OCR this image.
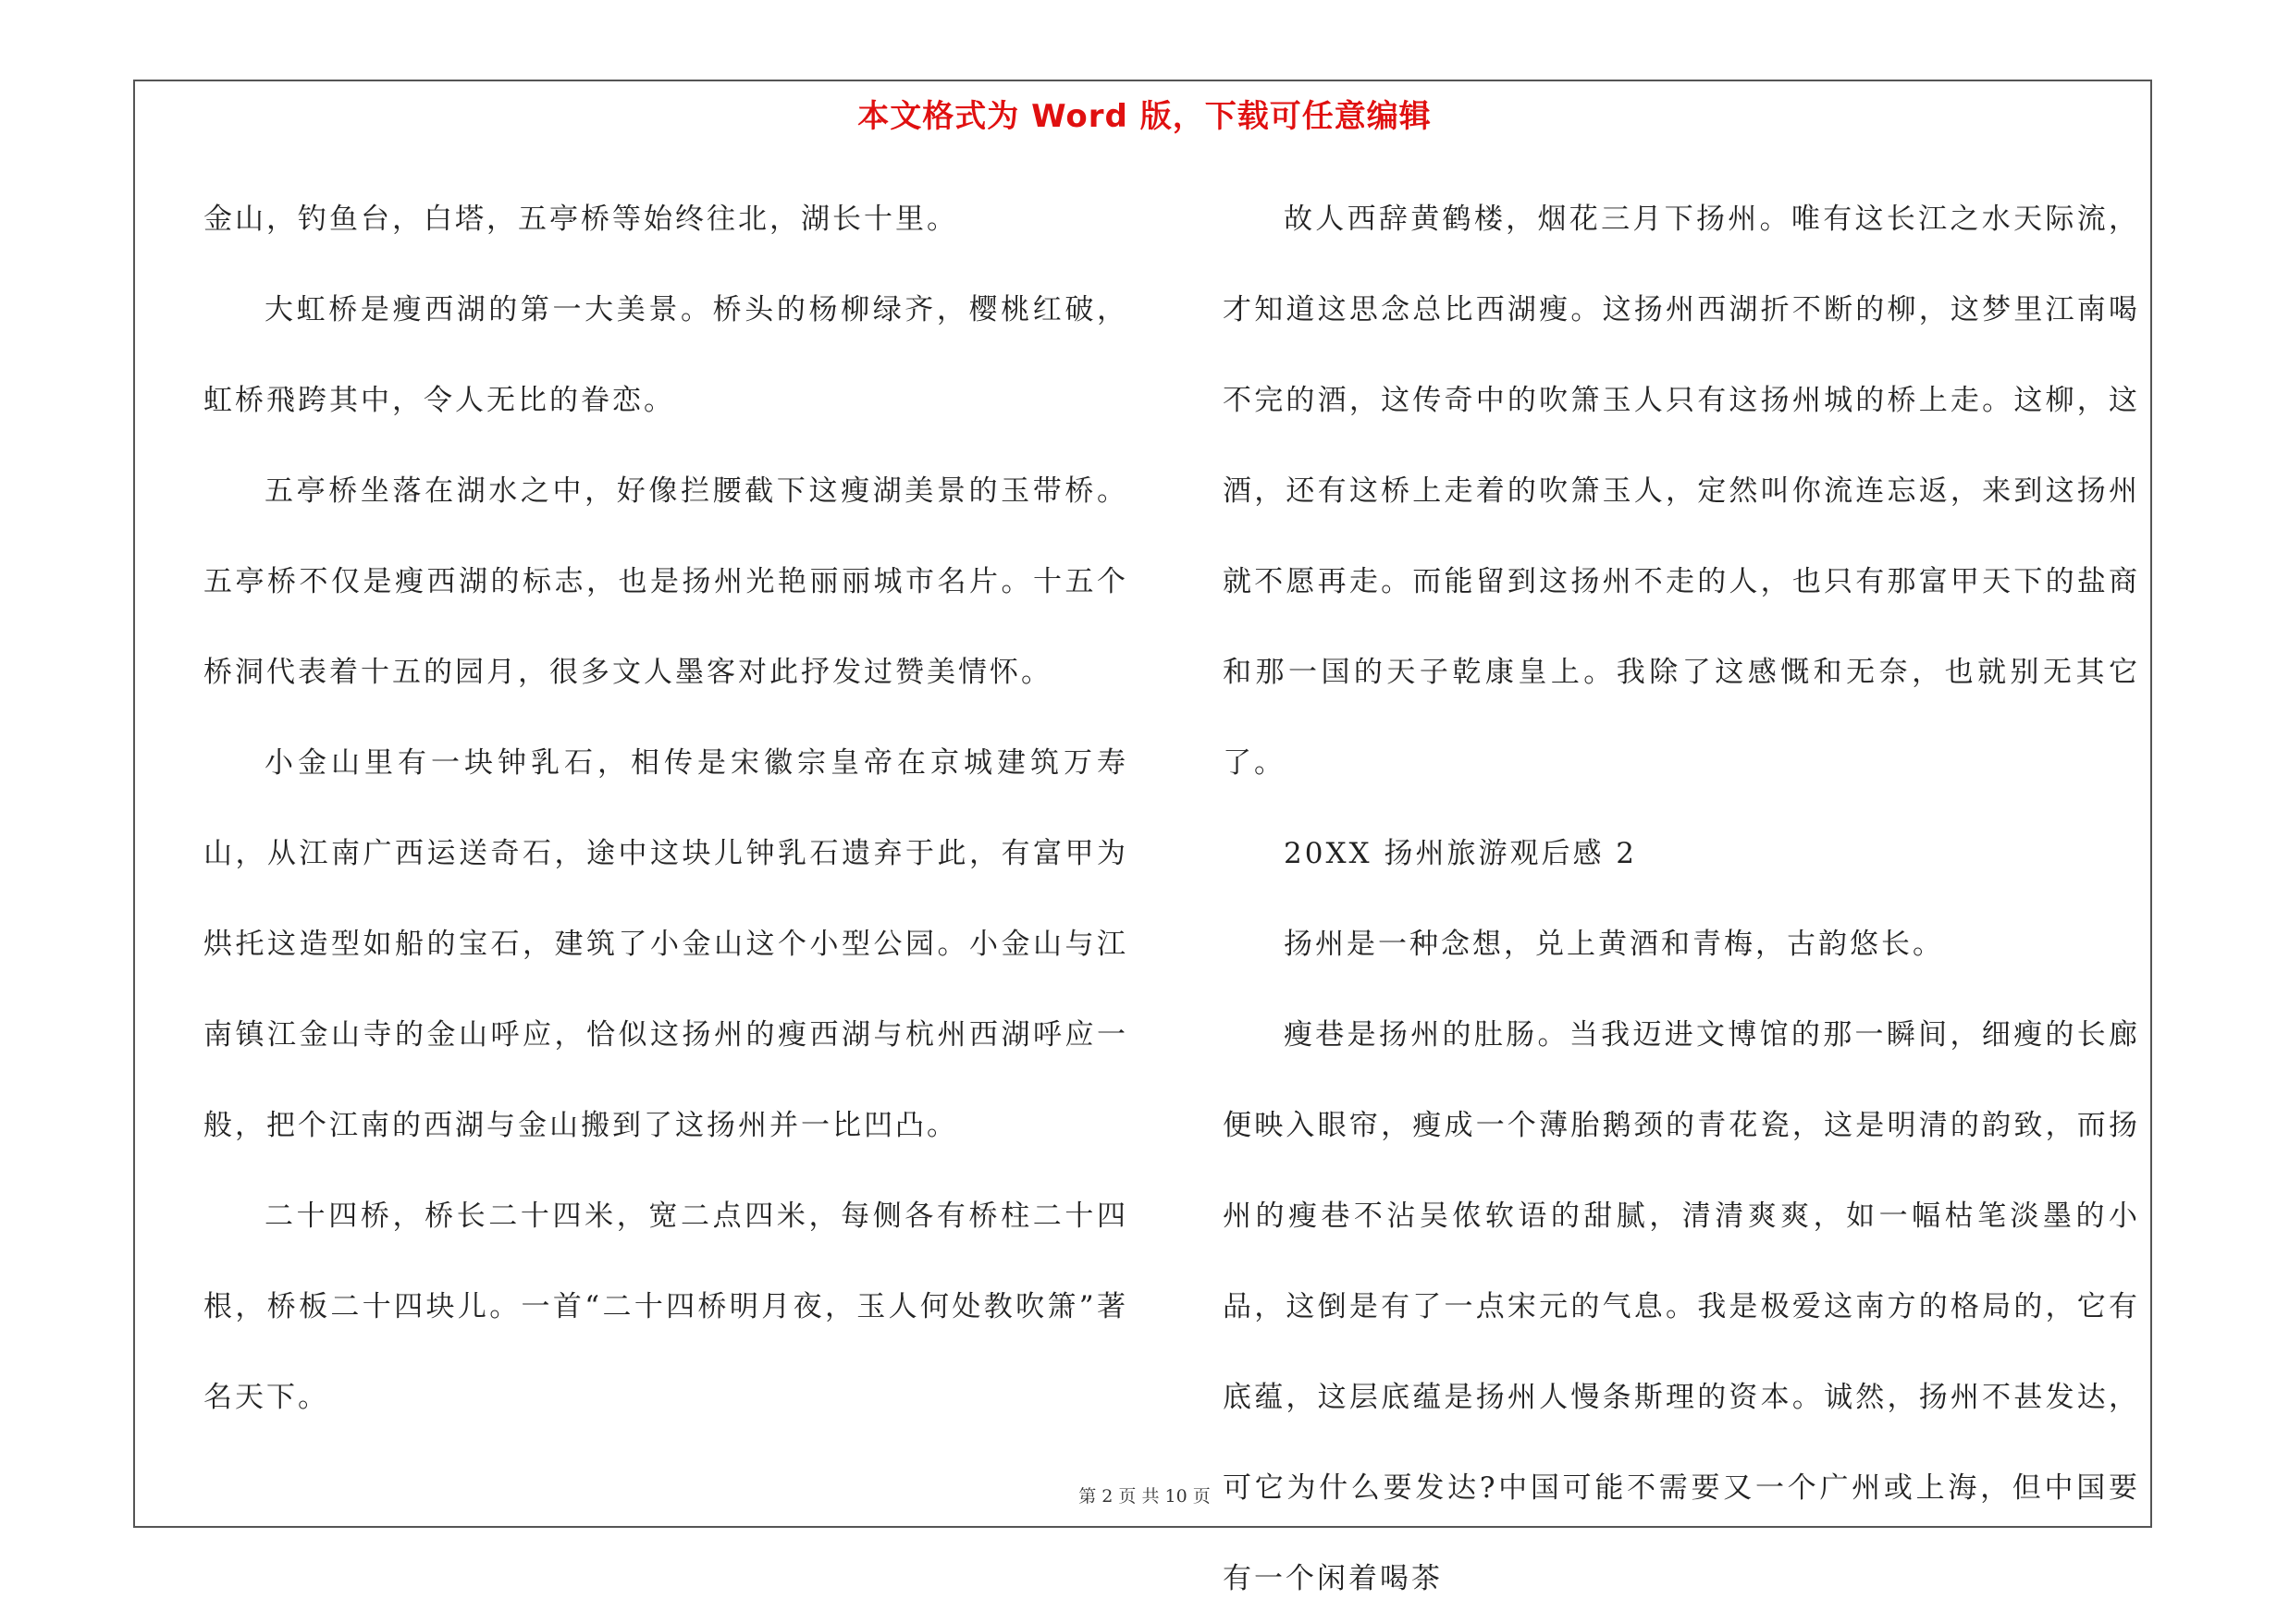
本文格式为 Word 版，下载可任意编辑

金山，钓鱼台，白塔，五亭桥等始终往北，湖长十里。

大虹桥是瘦西湖的第一大美景。桥头的杨柳绿齐，樱桃红破，虹桥飛跨其中，令人无比的眷恋。

五亭桥坐落在湖水之中，好像拦腰截下这瘦湖美景的玉带桥。五亭桥不仅是瘦西湖的标志，也是扬州光艳丽丽城市名片。十五个桥洞代表着十五的园月，很多文人墨客对此抒发过赞美情怀。

小金山里有一块钟乳石，相传是宋徽宗皇帝在京城建筑万寿山，从江南广西运送奇石，途中这块儿钟乳石遗弃于此，有富甲为烘托这造型如船的宝石，建筑了小金山这个小型公园。小金山与江南镇江金山寺的金山呼应，恰似这扬州的瘦西湖与杭州西湖呼应一般，把个江南的西湖与金山搬到了这扬州并一比凹凸。

二十四桥，桥长二十四米，宽二点四米，每侧各有桥柱二十四根，桥板二十四块儿。一首“二十四桥明月夜，玉人何处教吹箫”著名天下。

故人西辞黄鹤楼，烟花三月下扬州。唯有这长江之水天际流，才知道这思念总比西湖瘦。这扬州西湖折不断的柳，这梦里江南喝不完的酒，这传奇中的吹箫玉人只有这扬州城的桥上走。这柳，这酒，还有这桥上走着的吹箫玉人，定然叫你流连忘返，来到这扬州就不愿再走。而能留到这扬州不走的人，也只有那富甲天下的盐商和那一国的天子乾康皇上。我除了这感慨和无奈，也就别无其它了。

20XX 扬州旅游观后感 2

扬州是一种念想，兑上黄酒和青梅，古韵悠长。

瘦巷是扬州的肚肠。当我迈进文博馆的那一瞬间，细瘦的长廊便映入眼帘，瘦成一个薄胎鹅颈的青花瓷，这是明清的韵致，而扬州的瘦巷不沾吴侬软语的甜腻，清清爽爽，如一幅枯笔淡墨的小品，这倒是有了一点宋元的气息。我是极爱这南方的格局的，它有底蕴，这层底蕴是扬州人慢条斯理的资本。诚然，扬州不甚发达，可它为什么要发达?中国可能不需要又一个广州或上海，但中国要有一个闲着喝茶

第 2 页 共 10 页
